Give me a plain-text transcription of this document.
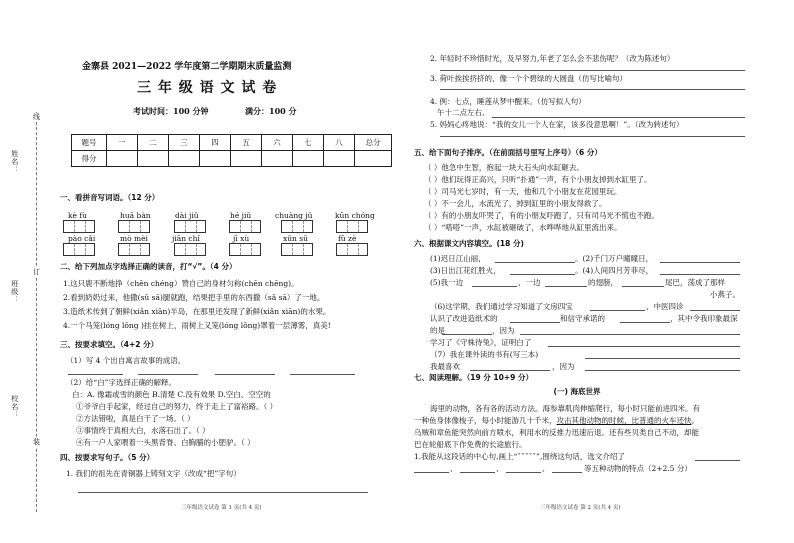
姓名：
班级：
校名：
线
订
装
金寨县 2021—2022 学年度第二学期期末质量监测
三 年 级 语 文 试 卷
考试时间：100 分钟	满分：100 分
题号	一	二	三	四	五	六	七	八	总分
得分									
一、看拼音写词语。（12 分）
kè fù	huā bàn	dài jiǔ	hé jiǔ	chuàng jǔ	kūn chóng

pào cǎi	mò mèi	jiān chǐ	jī xù	xūn sū	fǔ zè

二、给下列加点字选择正确的读音，打“√”。（4 分）
1.这只鹿不断地挣（chēn chéng）赞自己的身材匀称(chēn chēng)。
2.看到奶奶过来，他撒(sǔ sā)腿就跑，结果把手里的东西撒（sǎ sā）了一地。
3.造纸术传到了朝鲜(xiǎn xiān)半岛，在那里还发现了新鲜(xiǎn xiān)的水果。
4.一个马笼(lóng lǒng )挂在树上，雨树上又笼(lóng lǒng)罩着一层薄雾，真美!
三、按要求填空。（4+2 分）
（1）写 4 个出自寓言故事的成语。
（2）给“白”字选择正确的解释。
白：A. 像霜或雪的颜色 B.清楚 C.没有效果 D.空白、空空的
①爷爷白手起家，经过自己的努力，终于走上了富裕路。（ ）
②方法错啦，真是白干了一场。（ ）
③事情终于真相大白，水落石出了。（ ）
④有一户人家喂着一头黑背脊、白胸脯的小肥驴。（ ）
四、按要求写句子。（5 分）
1. 我们的祖先在青铜器上铸刻文字（改成“把”字句）
三年级语文试卷 第 1 页(共 4 页)
2. 年轻时不珍惜时光，及早努力,年老了怎么会不悲伤呢？（改为陈述句）
3. 荷叶挨挨挤挤的，像一个个碧绿的大圆盘（仿写比喻句）
4. 例：七点，睡莲从梦中醒来。（仿写拟人句）
午十二点左右,
5. 妈妈心疼地说：“我的女儿一个人在家，该多没意思啊！”。（改为转述句）
五、给下面句子排序。（在前面括号里写上序号）（6 分）
（ ）他急中生智，抱起一块大石头向水缸砸去。
（ ）他们玩得正高兴，只听“扑通”一声，有个小朋友掉到水缸里了。
（ ）司马光七岁时，有一天，他和几个小朋友在花园里玩。
（ ）不一会儿，水流光了，掉到缸里的小朋友得救了。
（ ）有的小朋友吓哭了，有的小朋友吓跑了，只有司马光不慌也不跑。
（ ）“嗒嗒”一声，水缸被砸破了，水哗哗地从缸里流出来。
六、根据课文内容填空。(18 分)
(1)迟日江山丽，	。(2)千门万户曈曈日，
(3)日出江花红胜火，	。(4)人间四月芳菲尽，
(5)我一边	，一边	的翅膀，	尾巴，荡成了那样
小燕子。
（6)这学期，我们通过学习知道了文房四宝	，中医四诊
认识了改进造纸术的	和信守承诺的	，其中令我印象最深
的是	，因为
学习了《守株待兔》，证明白了
（7）我在课外读的书有(写三本)
我最喜欢	，因为
七、阅读理解。（19 分 10+9 分）
(一) 海底世界
海里的动物，各有各的活动方法。海参靠肌肉伸缩爬行，每小时只能前进四米。有
一种鱼身体像梭子，每小时能游几十千米，攻击其他动物的时候，比普通的火车还快。
乌贼和章鱼能突然向前方喷水，利用水的反推力迅速后退。还有些贝类自己不动，却能
巴在轮船底下作免费的长途旅行。
1.我能从这段话的中心句,画上“ˇˇˇˇˇ”,围绕这句话，选文介绍了
、	、	、	等五种动物的特点（2+2.5 分）
三年级语文试卷 第 2 页(共 4 页)
